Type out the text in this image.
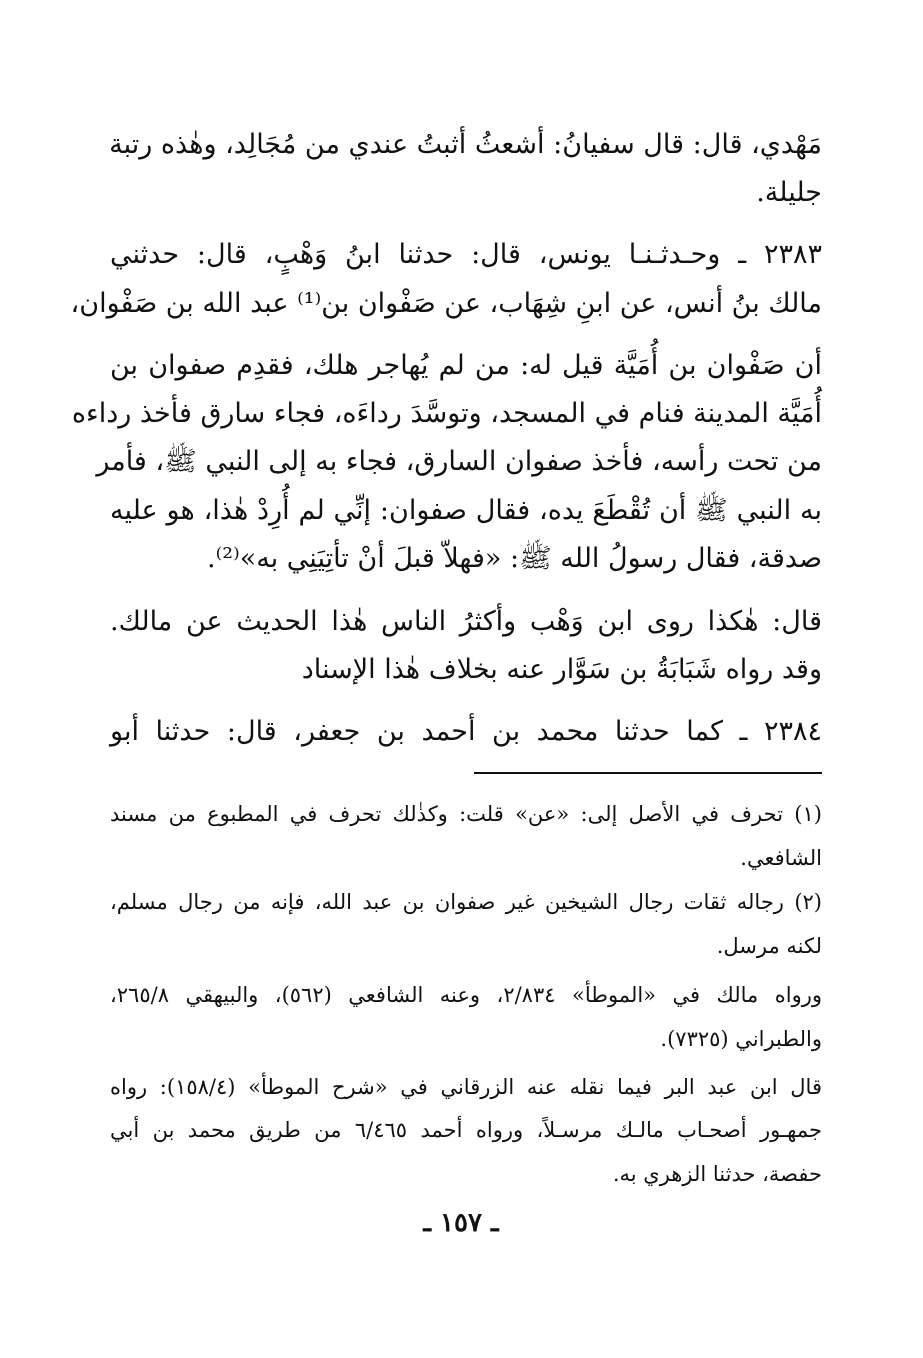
مَهْدي، قال: قال سفيانُ: أشعثُ أثبتُ عندي من مُجَالِد، وهٰذه رتبة
جليلة.
٢٣٨٣ ـ وحـدثـنـا يونس، قال: حدثنا ابنُ وَهْبٍ، قال: حدثني
مالك بنُ أنس، عن ابنِ شِهَاب، عن صَفْوان بن⁽¹⁾ عبد الله بن صَفْوان،
أن صَفْوان بن أُمَيَّة قيل له: من لم يُهاجر هلك، فقدِم صفوان بن
أُمَيَّة المدينة فنام في المسجد، وتوسَّدَ رداءَه، فجاء سارق فأخذ رداءه
من تحت رأسه، فأخذ صفوان السارق، فجاء به إلى النبي ﷺ، فأمر
به النبي ﷺ أن تُقْطَعَ يده، فقال صفوان: إنِّي لم أُرِدْ هٰذا، هو عليه
صدقة، فقال رسولُ الله ﷺ: «فهلاّ قبلَ أنْ تأتِيَنِي به»⁽²⁾.
قال: هٰكذا روى ابن وَهْب وأكثرُ الناس هٰذا الحديث عن مالك.
وقد رواه شَبَابَةُ بن سَوَّار عنه بخلاف هٰذا الإسناد
٢٣٨٤ ـ كما حدثنا محمد بن أحمد بن جعفر، قال: حدثنا أبو
(١) تحرف في الأصل إلى: «عن» قلت: وكذٰلك تحرف في المطبوع من مسند
الشافعي.
(٢) رجاله ثقات رجال الشيخين غير صفوان بن عبد الله، فإنه من رجال مسلم،
لكنه مرسل.
ورواه مالك في «الموطأ» ٢/٨٣٤، وعنه الشافعي (٥٦٢)، والبيهقي ٢٦٥/٨،
والطبراني (٧٣٢٥).
قال ابن عبد البر فيما نقله عنه الزرقاني في «شرح الموطأ» (١٥٨/٤): رواه
جمهـور أصحـاب مالـك مرسـلاً، ورواه أحمد ٦/٤٦٥ من طريق محمد بن أبي
حفصة، حدثنا الزهري به.
ـ ١٥٧ ـ
